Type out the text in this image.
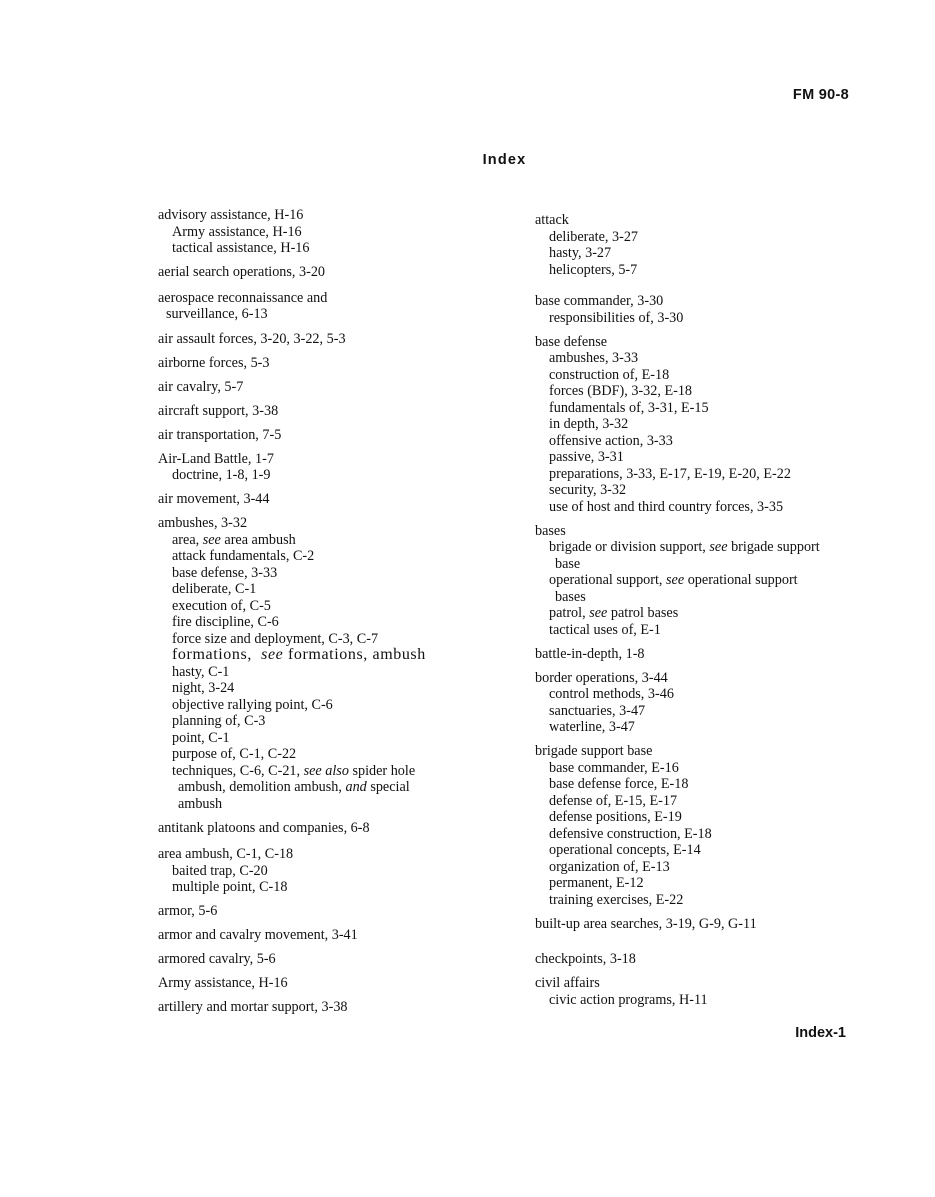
FM 90-8
Index
advisory assistance, H-16
Army assistance, H-16
tactical assistance, H-16
aerial search operations, 3-20
aerospace reconnaissance and
surveillance, 6-13
air assault forces, 3-20, 3-22, 5-3
airborne forces, 5-3
air cavalry, 5-7
aircraft support, 3-38
air transportation, 7-5
Air-Land Battle, 1-7
doctrine, 1-8, 1-9
air movement, 3-44
ambushes, 3-32
area, see area ambush
attack fundamentals, C-2
base defense, 3-33
deliberate, C-1
execution of, C-5
fire discipline, C-6
force size and deployment, C-3, C-7
formations, see formations, ambush
hasty, C-1
night, 3-24
objective rallying point, C-6
planning of, C-3
point, C-1
purpose of, C-1, C-22
techniques, C-6, C-21, see also spider hole
ambush, demolition ambush, and special
ambush
antitank platoons and companies, 6-8
area ambush, C-1, C-18
baited trap, C-20
multiple point, C-18
armor, 5-6
armor and cavalry movement, 3-41
armored cavalry, 5-6
Army assistance, H-16
artillery and mortar support, 3-38
attack
deliberate, 3-27
hasty, 3-27
helicopters, 5-7
base commander, 3-30
responsibilities of, 3-30
base defense
ambushes, 3-33
construction of, E-18
forces (BDF), 3-32, E-18
fundamentals of, 3-31, E-15
in depth, 3-32
offensive action, 3-33
passive, 3-31
preparations, 3-33, E-17, E-19, E-20, E-22
security, 3-32
use of host and third country forces, 3-35
bases
brigade or division support, see brigade support
base
operational support, see operational support
bases
patrol, see patrol bases
tactical uses of, E-1
battle-in-depth, 1-8
border operations, 3-44
control methods, 3-46
sanctuaries, 3-47
waterline, 3-47
brigade support base
base commander, E-16
base defense force, E-18
defense of, E-15, E-17
defense positions, E-19
defensive construction, E-18
operational concepts, E-14
organization of, E-13
permanent, E-12
training exercises, E-22
built-up area searches, 3-19, G-9, G-11
checkpoints, 3-18
civil affairs
civic action programs, H-11
Index-1
